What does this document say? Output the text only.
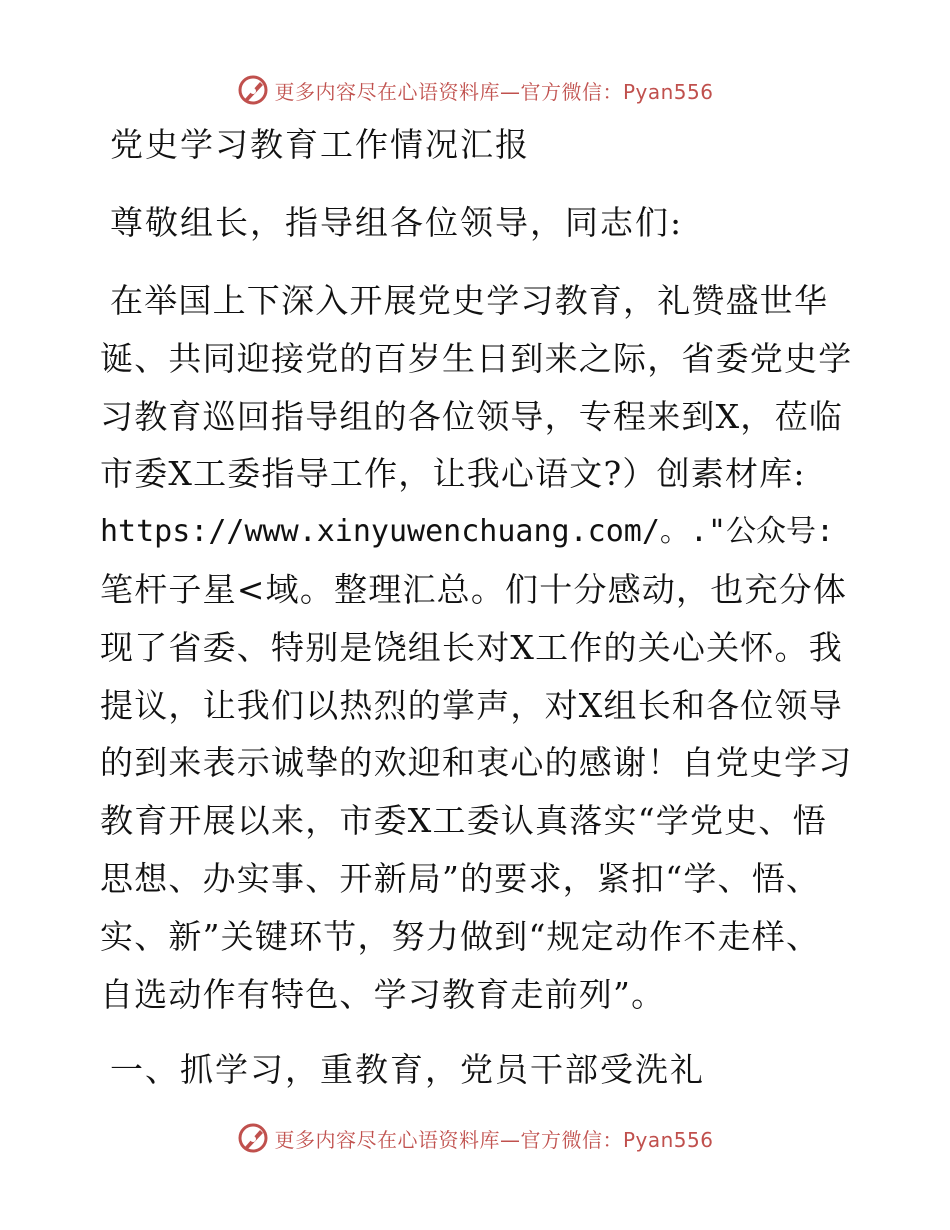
更多内容尽在心语资料库—官方微信：Pyan556
党史学习教育工作情况汇报
尊敬组长，指导组各位领导，同志们:
在举国上下深入开展党史学习教育，礼赞盛世华
诞、共同迎接党的百岁生日到来之际，省委党史学
习教育巡回指导组的各位领导，专程来到X，莅临
市委X工委指导工作，让我心语文?）创素材库:
https://www.xinyuwenchuang.com/。."公众号:
笔杆子星<域。整理汇总。们十分感动，也充分体
现了省委、特别是饶组长对X工作的关心关怀。我
提议，让我们以热烈的掌声，对X组长和各位领导
的到来表示诚挚的欢迎和衷心的感谢！自党史学习
教育开展以来，市委X工委认真落实“学党史、悟
思想、办实事、开新局”的要求，紧扣“学、悟、
实、新”关键环节，努力做到“规定动作不走样、
自选动作有特色、学习教育走前列”。
一、抓学习，重教育，党员干部受洗礼
更多内容尽在心语资料库—官方微信：Pyan556
